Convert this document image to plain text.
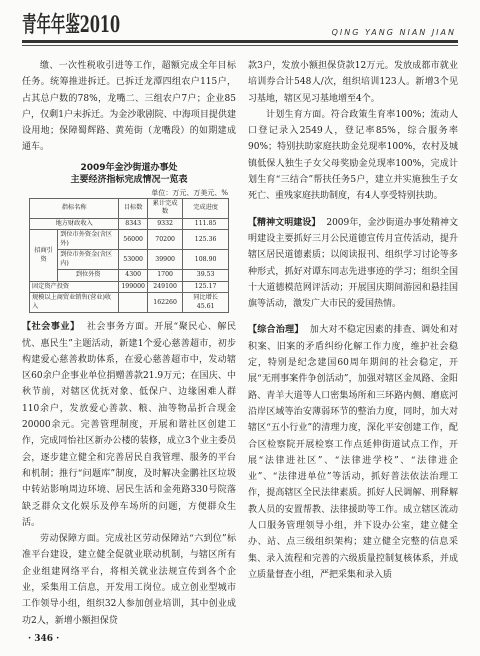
青年年鉴2010	QING YANG NIAN JIAN

缴、一次性税收引进等工作，超额完成全年目标任务。统筹推进拆迁。已拆迁龙潭四组农户115户，占其总户数的78%，龙嘴二、三组农户7户；企业85户，仅剩1户未拆迁。为金沙歌剧院、中海项目提供建设用地；保障蜀辉路、黄苑街（龙嘴段）的如期建成通车。

2009年金沙街道办事处
主要经济指标完成情况一览表
单位：万元、万美元、%
指标名称		目标数	累计完成数	完成进度
地方财政收入		8343	9332	111.85
招商引资	到位市外资金(含区外)	56000	70200	125.36
	到位市外资金(含区内)	53000	39900	108.90
	到位外资	4300	1700	39.53
固定资产投资		199000	249100	125.17
规模以上商贸业销售(营业)收入			162260	同比增长45.61

【社会事业】 社会事务方面。开展“聚民心、解民忧、惠民生”主题活动，新建1个爱心慈善超市，初步构建爱心慈善救助体系，在爱心慈善超市中，发动辖区60余户企事业单位捐赠善款21.9万元；在国庆、中秋节前，对辖区优抚对象、低保户、边缘困难人群110余户，发放爱心善款、粮、油等物品折合现金20000余元。完善管理制度，开展和谐社区创建工作，完成同怡社区新办公楼的装修，成立3个业主委员会，逐步建立健全和完善居民自我管理、服务的平台和机制；推行“问题库”制度，及时解决金鹏社区垃圾中转站影响周边环境、居民生活和金苑路330号院落缺乏群众文化娱乐及停车场所的问题，方便群众生活。

劳动保障方面。完成社区劳动保障站“六到位”标准平台建设，建立健全促就业联动机制，与辖区所有企业组建网络平台，将相关就业法规宣传到各个企业，采集用工信息，开发用工岗位。成立创业型城市工作领导小组，组织32人参加创业培训，其中创业成功2人，新增小额担保贷

款3户，发放小额担保贷款12万元。发放成都市就业培训券合计548人/次，组织培训123人。新增3个见习基地，辖区见习基地增至4个。

计划生育方面。符合政策生育率100%；流动人口登记录入2549人，登记率85%，综合服务率90%；特别扶助家庭扶助金兑现率100%，农村及城镇低保人独生子女父母奖励金兑现率100%，完成计划生育“三结合”帮扶任务5户，建立并实施独生子女死亡、重残家庭扶助制度，有4人享受特别扶助。

【精神文明建设】 2009年，金沙街道办事处精神文明建设主要抓好三月公民道德宣传月宣传活动，提升辖区居民道德素质；以阅读报刊、组织学习讨论等多种形式，抓好对谭东同志先进事迹的学习；组织全国十大道德模范网评活动；开展国庆期间游园和悬挂国旗等活动，激发广大市民的爱国热情。

【综合治理】 加大对不稳定因素的排查、调处和对积案、旧案的矛盾纠纷化解工作力度，维护社会稳定，特别是纪念建国60周年期间的社会稳定，开展“无刑事案件争创活动”，加强对辖区金凤路、金阳路、青羊大道等人口密集场所和三环路内侧、磨底河沿岸区域等治安薄弱环节的整治力度，同时，加大对辖区“五小行业”的清理力度，深化平安创建工作，配合区检察院开展检察工作点延伸街道试点工作，开展“法律进社区”、“法律进学校”、“法律进企业”、“法律进单位”等活动，抓好普法依法治理工作，提高辖区全民法律素质。抓好人民调解、刑释解教人员的安置帮教、法律援助等工作。成立辖区流动人口服务管理领导小组，并下设办公室，建立健全办、站、点三级组织架构；建立健全完整的信息采集、录入流程和完善的六级质量控制复核体系，并成立质量督查小组，严把采集和录入质

· 346 ·
